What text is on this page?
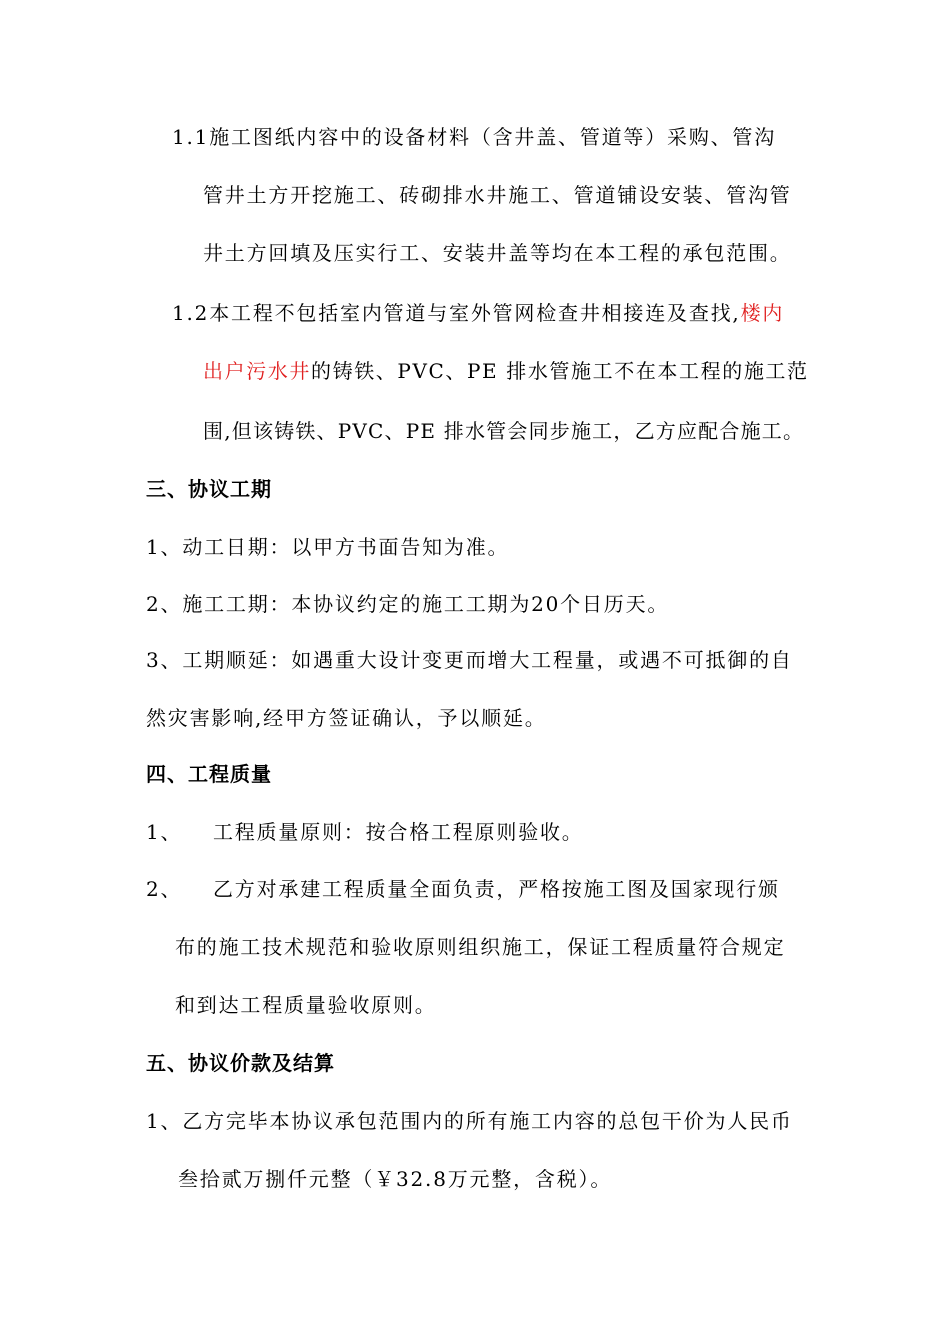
1.1施工图纸内容中的设备材料（含井盖、管道等）采购、管沟
管井土方开挖施工、砖砌排水井施工、管道铺设安装、管沟管
井土方回填及压实行工、安装井盖等均在本工程的承包范围。
1.2本工程不包括室内管道与室外管网检查井相接连及查找,楼内
出户污水井的铸铁、PVC、PE 排水管施工不在本工程的施工范
围,但该铸铁、PVC、PE 排水管会同步施工，乙方应配合施工。
三、协议工期
1、动工日期：以甲方书面告知为准。
2、施工工期：本协议约定的施工工期为20个日历天。
3、工期顺延：如遇重大设计变更而增大工程量，或遇不可抵御的自
然灾害影响,经甲方签证确认，予以顺延。
四、工程质量
1、 工程质量原则：按合格工程原则验收。
2、 乙方对承建工程质量全面负责，严格按施工图及国家现行颁
布的施工技术规范和验收原则组织施工，保证工程质量符合规定
和到达工程质量验收原则。
五、协议价款及结算
1、乙方完毕本协议承包范围内的所有施工内容的总包干价为人民币
叁拾贰万捌仟元整（￥32.8万元整，含税）。
